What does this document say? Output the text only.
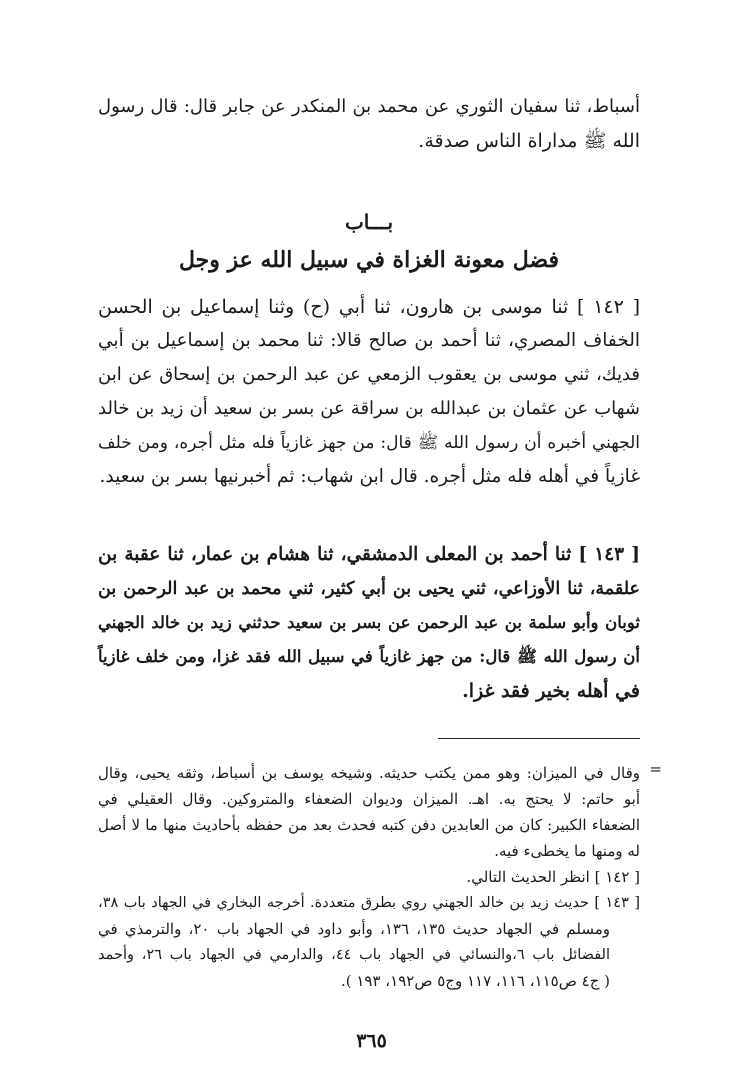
أسباط، ثنا سفيان الثوري عن محمد بن المنكدر عن جابر قال: قال رسول
الله ﷺ مداراة الناس صدقة.
بـــاب
فضل معونة الغزاة في سبيل الله عز وجل
[ ١٤٢ ] ثنا موسى بن هارون، ثنا أبي (ح) وثنا إسماعيل بن الحسن
الخفاف المصري، ثنا أحمد بن صالح قالا: ثنا محمد بن إسماعيل بن أبي
فديك، ثني موسى بن يعقوب الزمعي عن عبد الرحمن بن إسحاق عن ابن
شهاب عن عثمان بن عبدالله بن سراقة عن بسر بن سعيد أن زيد بن خالد
الجهني أخبره أن رسول الله ﷺ قال: من جهز غازياً فله مثل أجره، ومن خلف
غازياً في أهله فله مثل أجره. قال ابن شهاب: ثم أخبرنيها بسر بن سعيد.
[ ١٤٣ ] ثنا أحمد بن المعلى الدمشقي، ثنا هشام بن عمار، ثنا عقبة بن
علقمة، ثنا الأوزاعي، ثني يحيى بن أبي كثير، ثني محمد بن عبد الرحمن بن
ثوبان وأبو سلمة بن عبد الرحمن عن بسر بن سعيد حدثني زيد بن خالد الجهني
أن رسول الله ﷺ قال: من جهز غازياً في سبيل الله فقد غزا، ومن خلف غازياً
في أهله بخير فقد غزا.
=
وقال في الميزان: وهو ممن يكتب حديثه. وشيخه يوسف بن أسباط، وثقه يحيى، وقال
أبو حاتم: لا يحتج به. اهـ. الميزان وديوان الضعفاء والمتروكين. وقال العقيلي في
الضعفاء الكبير: كان من العابدين دفن كتبه فحدث بعد من حفظه بأحاديث منها ما لا أصل
له ومنها ما يخطىء فيه.
[ ١٤٢ ] انظر الحديث التالي.
[ ١٤٣ ] حديث زيد بن خالد الجهني روي بطرق متعددة. أخرجه البخاري في الجهاد باب ٣٨،
ومسلم في الجهاد حديث ١٣٥، ١٣٦، وأبو داود في الجهاد باب ٢٠، والترمذي في
الفضائل باب ٦،والنسائي في الجهاد باب ٤٤، والدارمي في الجهاد باب ٢٦، وأحمد
( ج٤ ص١١٥، ١١٦، ١١٧ وج٥ ص١٩٢، ١٩٣ ).
٣٦٥
